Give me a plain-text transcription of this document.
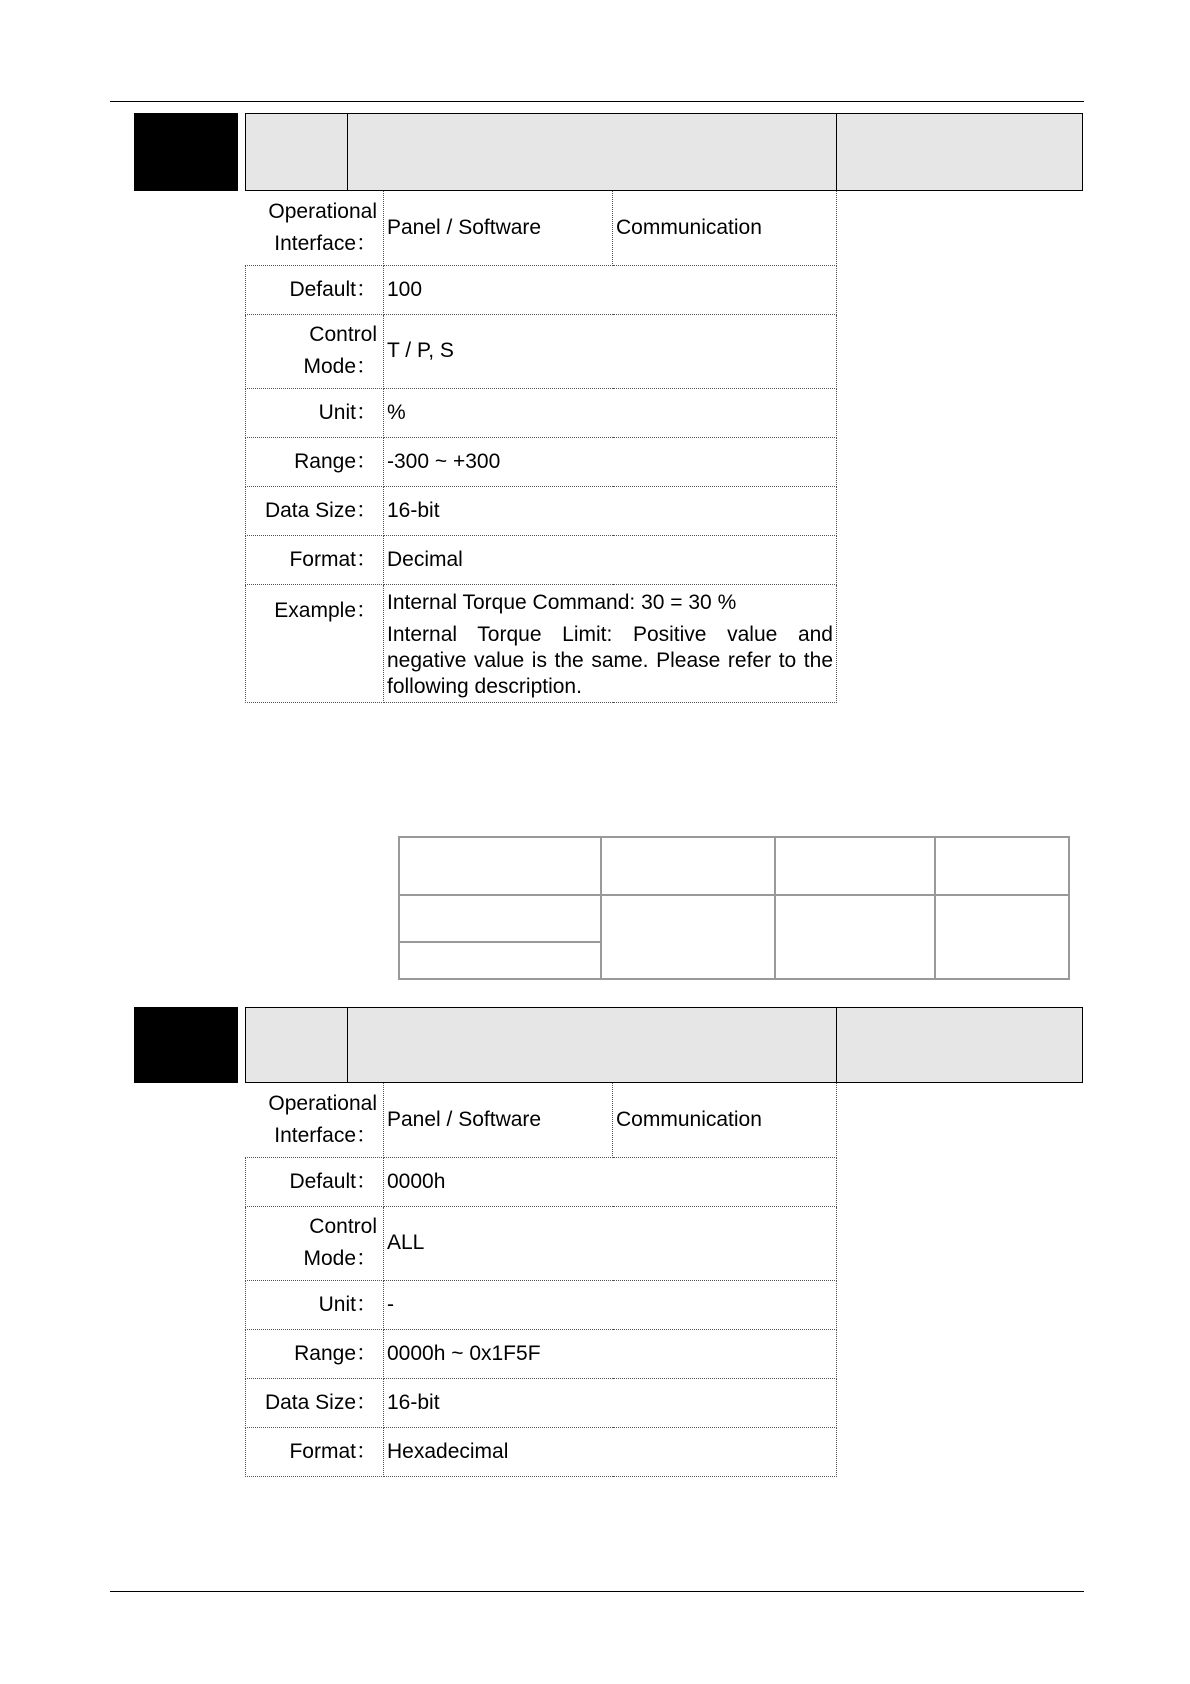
Operational
Interface：	Panel / Software	Communication
Default：	100	

Control
Mode：	T / P, S	
Unit：	%	
Range：	-300 ~ +300	
Data Size：	16-bit	
Format：	Decimal	
Example：	Internal Torque Command: 30 = 30 %

Internal Torque Limit: Positive value and negative value is the same. Please refer to the following description.	

Operational
Interface：	Panel / Software	Communication
Default：	0000h	

Control
Mode：	ALL	
Unit：	-	
Range：	0000h ~ 0x1F5F	
Data Size：	16-bit	
Format：	Hexadecimal	
